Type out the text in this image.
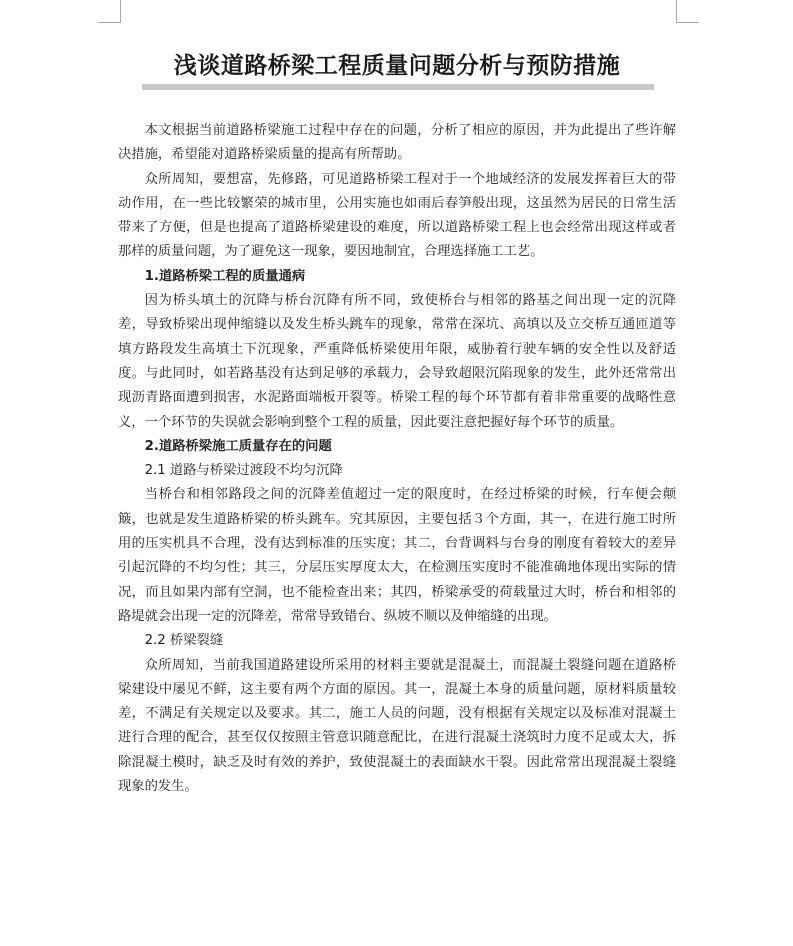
浅谈道路桥梁工程质量问题分析与预防措施

本文根据当前道路桥梁施工过程中存在的问题，分析了相应的原因，并为此提出了些许解决措施，希望能对道路桥梁质量的提高有所帮助。

众所周知，要想富，先修路，可见道路桥梁工程对于一个地域经济的发展发挥着巨大的带动作用，在一些比较繁荣的城市里，公用实施也如雨后春笋般出现，这虽然为居民的日常生活带来了方便，但是也提高了道路桥梁建设的难度，所以道路桥梁工程上也会经常出现这样或者那样的质量问题，为了避免这一现象，要因地制宜，合理选择施工工艺。

1.道路桥梁工程的质量通病

因为桥头填土的沉降与桥台沉降有所不同，致使桥台与相邻的路基之间出现一定的沉降差，导致桥梁出现伸缩缝以及发生桥头跳车的现象，常常在深坑、高填以及立交桥互通匝道等填方路段发生高填土下沉现象，严重降低桥梁使用年限，威胁着行驶车辆的安全性以及舒适度。与此同时，如若路基没有达到足够的承载力，会导致超限沉陷现象的发生，此外还常常出现沥青路面遭到损害，水泥路面端板开裂等。桥梁工程的每个环节都有着非常重要的战略性意义，一个环节的失误就会影响到整个工程的质量，因此要注意把握好每个环节的质量。

2.道路桥梁施工质量存在的问题

2.1 道路与桥梁过渡段不均匀沉降

当桥台和相邻路段之间的沉降差值超过一定的限度时，在经过桥梁的时候，行车便会颠簸，也就是发生道路桥梁的桥头跳车。究其原因，主要包括３个方面，其一，在进行施工时所用的压实机具不合理，没有达到标准的压实度；其二，台背调料与台身的刚度有着较大的差异引起沉降的不均匀性；其三，分层压实厚度太大，在检测压实度时不能准确地体现出实际的情况，而且如果内部有空洞，也不能检查出来；其四，桥梁承受的荷载量过大时，桥台和相邻的路堤就会出现一定的沉降差，常常导致错台、纵坡不顺以及伸缩缝的出现。

2.2 桥梁裂缝

众所周知，当前我国道路建设所采用的材料主要就是混凝土，而混凝土裂缝问题在道路桥梁建设中屡见不鲜，这主要有两个方面的原因。其一，混凝土本身的质量问题，原材料质量较差，不满足有关规定以及要求。其二，施工人员的问题，没有根据有关规定以及标准对混凝土进行合理的配合，甚至仅仅按照主管意识随意配比，在进行混凝土浇筑时力度不足或太大，拆除混凝土模时，缺乏及时有效的养护，致使混凝土的表面缺水干裂。因此常常出现混凝土裂缝现象的发生。
